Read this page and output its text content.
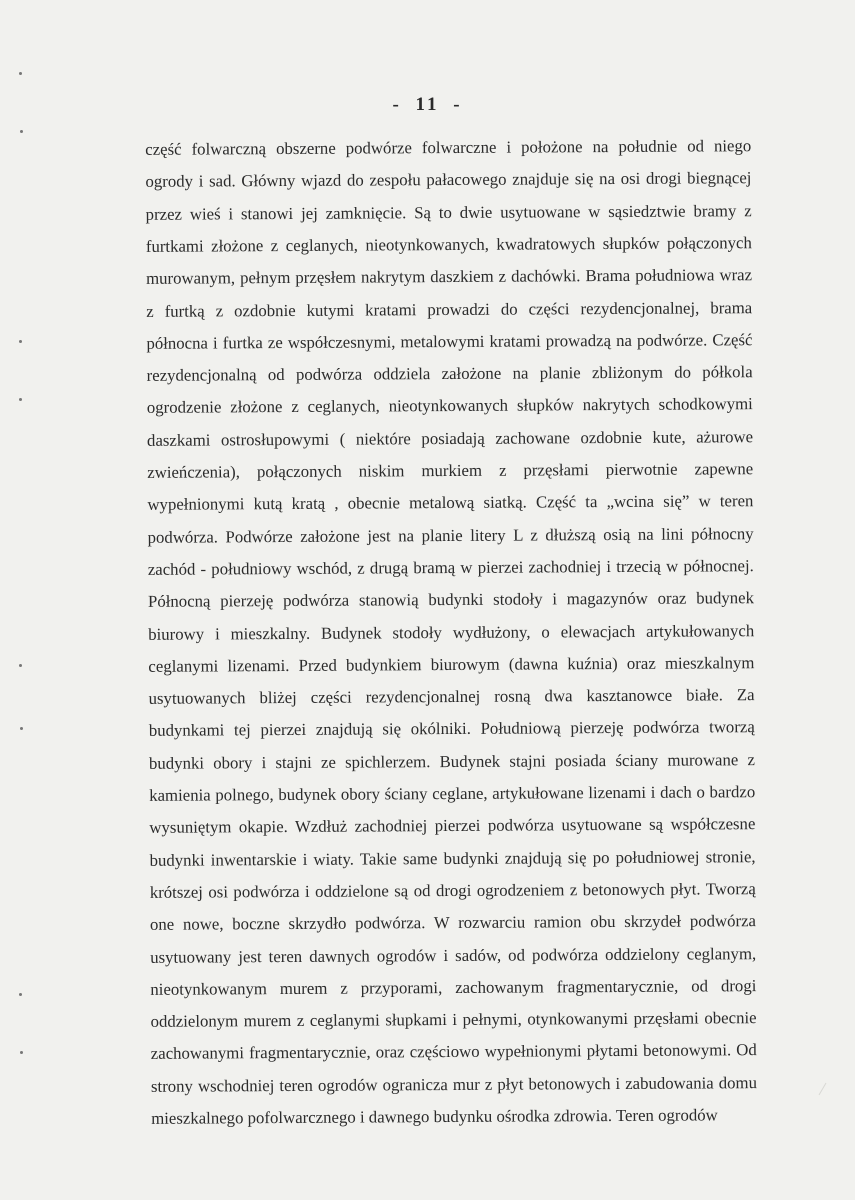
- 11 -
część folwarczną obszerne podwórze folwarczne i położone na południe od niego
ogrody i sad. Główny wjazd do zespołu pałacowego znajduje się na osi drogi biegnącej
przez wieś i stanowi jej zamknięcie. Są to dwie usytuowane w sąsiedztwie bramy z
furtkami złożone z ceglanych, nieotynkowanych, kwadratowych słupków połączonych
murowanym, pełnym przęsłem nakrytym daszkiem z dachówki. Brama południowa wraz
z furtką z ozdobnie kutymi kratami prowadzi do części rezydencjonalnej, brama
północna i furtka ze współczesnymi, metalowymi kratami prowadzą na podwórze. Część
rezydencjonalną od podwórza oddziela założone na planie zbliżonym do półkola
ogrodzenie złożone z ceglanych, nieotynkowanych słupków nakrytych schodkowymi
daszkami ostrosłupowymi ( niektóre posiadają zachowane ozdobnie kute, ażurowe
zwieńczenia), połączonych niskim murkiem z przęsłami pierwotnie zapewne
wypełnionymi kutą kratą , obecnie metalową siatką. Część ta „wcina się” w teren
podwórza. Podwórze założone jest na planie litery L z dłuższą osią na lini północny
zachód - południowy wschód, z drugą bramą w pierzei zachodniej i trzecią w północnej.
Północną pierzeję podwórza stanowią budynki stodoły i magazynów oraz budynek
biurowy i mieszkalny. Budynek stodoły wydłużony, o elewacjach artykułowanych
ceglanymi lizenami. Przed budynkiem biurowym (dawna kuźnia) oraz mieszkalnym
usytuowanych bliżej części rezydencjonalnej rosną dwa kasztanowce białe. Za
budynkami tej pierzei znajdują się okólniki. Południową pierzeję podwórza tworzą
budynki obory i stajni ze spichlerzem. Budynek stajni posiada ściany murowane z
kamienia polnego, budynek obory ściany ceglane, artykułowane lizenami i dach o bardzo
wysuniętym okapie. Wzdłuż zachodniej pierzei podwórza usytuowane są współczesne
budynki inwentarskie i wiaty. Takie same budynki znajdują się po południowej stronie,
krótszej osi podwórza i oddzielone są od drogi ogrodzeniem z betonowych płyt. Tworzą
one nowe, boczne skrzydło podwórza. W rozwarciu ramion obu skrzydeł podwórza
usytuowany jest teren dawnych ogrodów i sadów, od podwórza oddzielony ceglanym,
nieotynkowanym murem z przyporami, zachowanym fragmentarycznie, od drogi
oddzielonym murem z ceglanymi słupkami i pełnymi, otynkowanymi przęsłami obecnie
zachowanymi fragmentarycznie, oraz częściowo wypełnionymi płytami betonowymi. Od
strony wschodniej teren ogrodów ogranicza mur z płyt betonowych i zabudowania domu
mieszkalnego pofolwarcznego i dawnego budynku ośrodka zdrowia. Teren ogrodów
